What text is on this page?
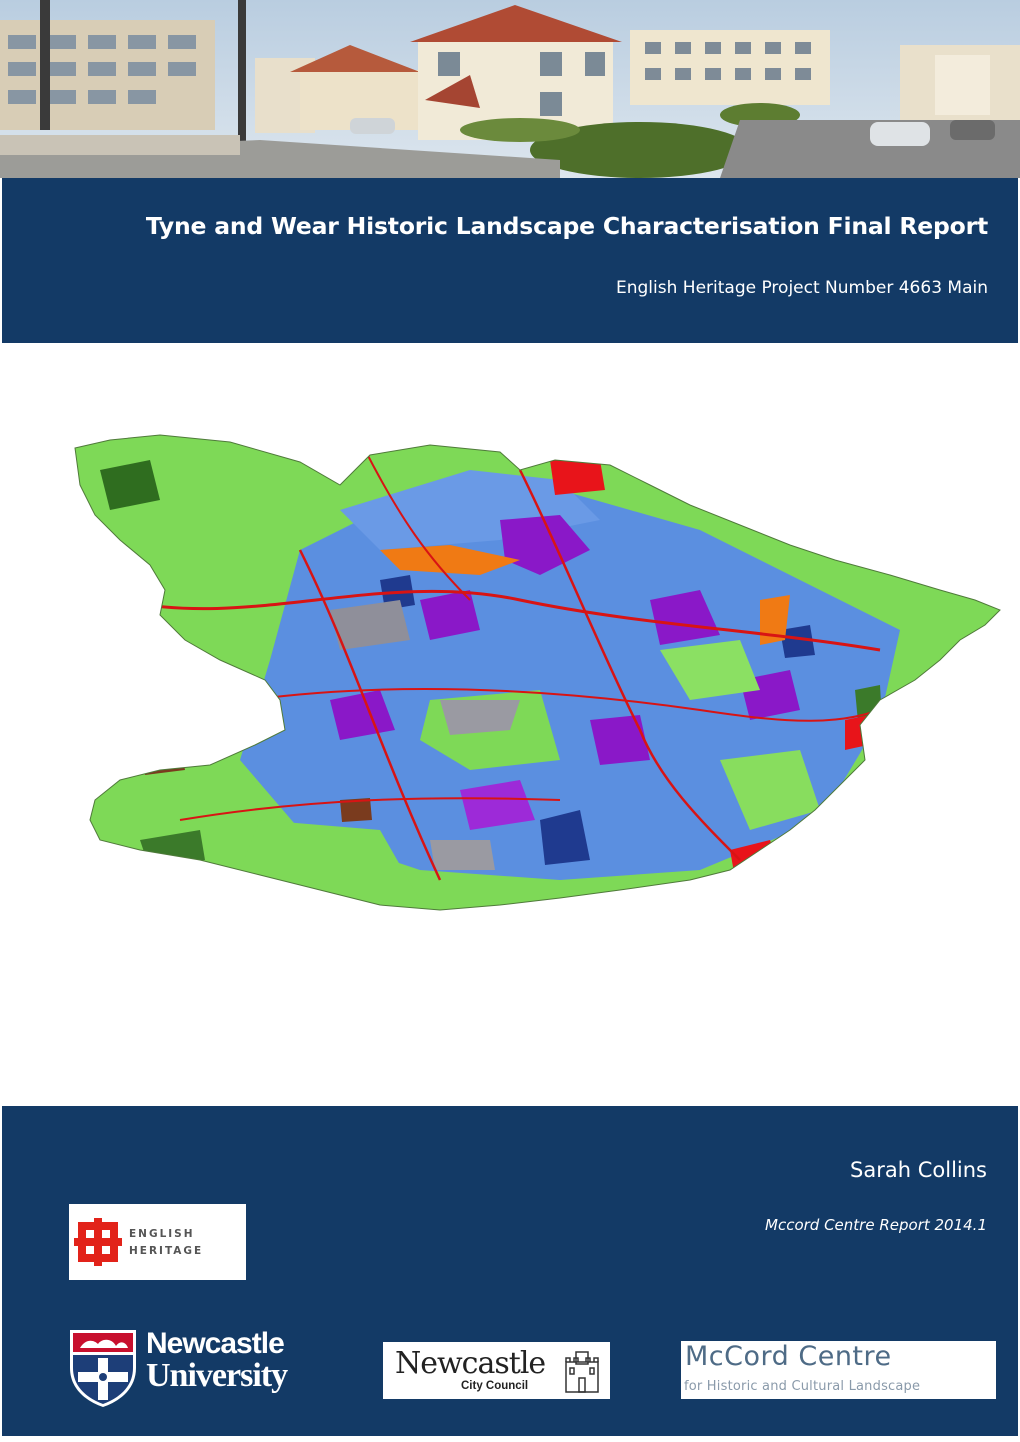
Tyne and Wear Historic Landscape Characterisation Final Report
English Heritage Project Number 4663 Main
Sarah Collins
Mccord Centre Report 2014.1
ENGLISH
HERITAGE
Newcastle
University	Newcastle
City Council
McCord Centre
for Historic and Cultural Landscape
